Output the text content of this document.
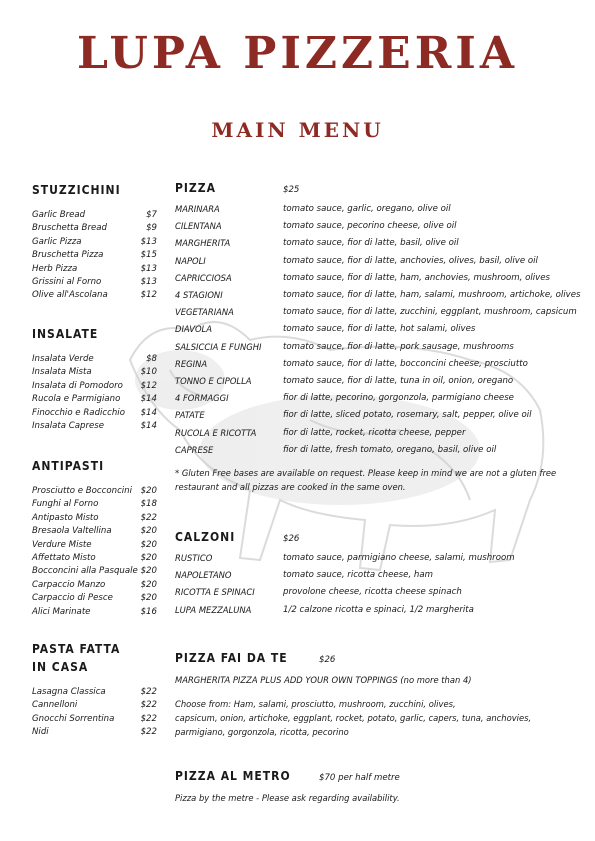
LUPA PIZZERIA
MAIN MENU
STUZZICHINI
Garlic Bread	$7
Bruschetta Bread	$9
Garlic Pizza	$13
Bruschetta Pizza	$15
Herb Pizza	$13
Grissini al Forno	$13
Olive all'Ascolana	$12
INSALATE
Insalata Verde	$8
Insalata Mista	$10
Insalata di Pomodoro $12
Rucola e Parmigiano $14
Finocchio e Radicchio $14
Insalata Caprese	$14
ANTIPASTI
Prosciutto e Bocconcini $20
Funghi al Forno	$18
Antipasto Misto	$22
Bresaola Valtellina	$20
Verdure Miste	$20
Affettato Misto	$20
Bocconcini alla Pasquale $20
Carpaccio Manzo	$20
Carpaccio di Pesce	$20
Alici Marinate	$16
PASTA FATTA
IN CASA
Lasagna Classica	$22
Cannelloni	$22
Gnocchi Sorrentina	$22
Nidi	$22
PIZZA	$25
MARINARA	tomato sauce, garlic, oregano, olive oil
CILENTANA	tomato sauce, pecorino cheese, olive oil
MARGHERITA	tomato sauce, fior di latte, basil, olive oil
NAPOLI	tomato sauce, fior di latte, anchovies, olives, basil, olive oil
CAPRICCIOSA	tomato sauce, fior di latte, ham, anchovies, mushroom, olives
4 STAGIONI	tomato sauce, fior di latte, ham, salami, mushroom, artichoke, olives
VEGETARIANA	tomato sauce, fior di latte, zucchini, eggplant, mushroom, capsicum
DIAVOLA	tomato sauce, fior di latte, hot salami, olives
SALSICCIA E FUNGHI	tomato sauce, fior di latte, pork sausage, mushrooms
REGINA	tomato sauce, fior di latte, bocconcini cheese, prosciutto
TONNO E CIPOLLA	tomato sauce, fior di latte, tuna in oil, onion, oregano
4 FORMAGGI	fior di latte, pecorino, gorgonzola, parmigiano cheese
PATATE	fior di latte, sliced potato, rosemary, salt, pepper, olive oil
RUCOLA E RICOTTA	fior di latte, rocket, ricotta cheese, pepper
CAPRESE	fior di latte, fresh tomato, oregano, basil, olive oil
* Gluten Free bases are available on request. Please keep in mind we are not a gluten free
restaurant and all pizzas are cooked in the same oven.
CALZONI	$26
RUSTICO	tomato sauce, parmigiano cheese, salami, mushroom
NAPOLETANO	tomato sauce, ricotta cheese, ham
RICOTTA E SPINACI	provolone cheese, ricotta cheese spinach
LUPA MEZZALUNA	1/2 calzone ricotta e spinaci, 1/2 margherita
PIZZA FAI DA TE	$26
MARGHERITA PIZZA PLUS ADD YOUR OWN TOPPINGS (no more than 4)
Choose from: Ham, salami, prosciutto, mushroom, zucchini, olives,
capsicum, onion, artichoke, eggplant, rocket, potato, garlic, capers, tuna, anchovies,
parmigiano, gorgonzola, ricotta, pecorino
PIZZA AL METRO	$70 per half metre
Pizza by the metre - Please ask regarding availability.
